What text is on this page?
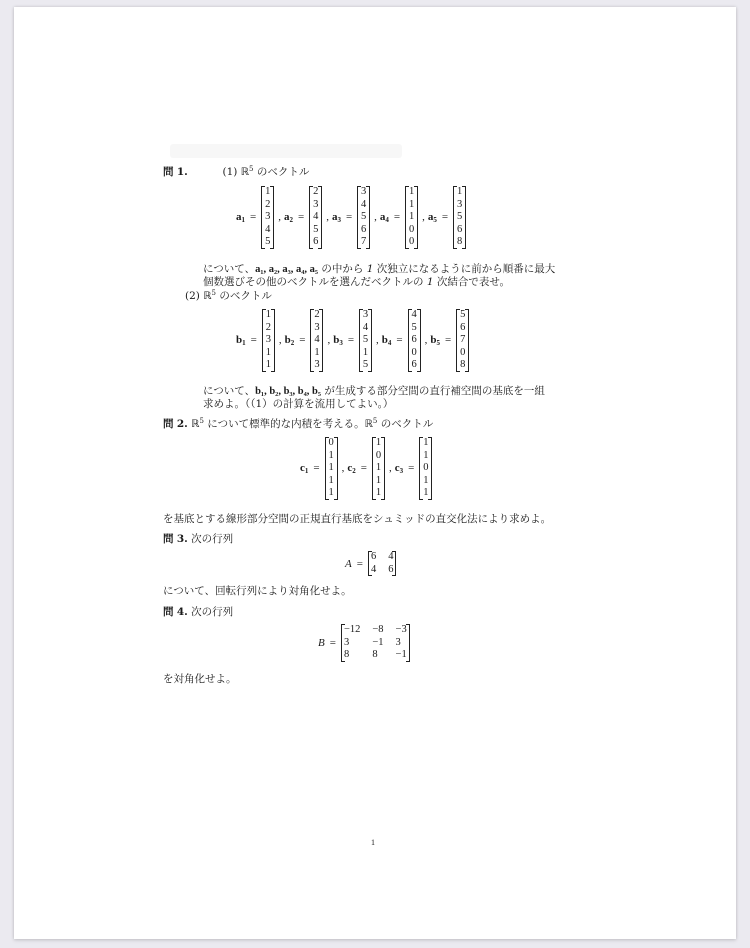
問 1.	(1) ℝ$^5$ のベクトル
$a_1$ =
1
2
3
4
5
, $a_2$ =
2
3
4
5
6
, $a_3$ =
3
4
5
6
7
, $a_4$ =
1
1
1
0
0
, $a_5$ =
1
3
5
6
8
について、a₁, a₂, a₃, a₄, a₅ の中から 1 次独立になるように前から順番に最大
個数選びその他のベクトルを選んだベクトルの 1 次結合で表せ。
(2) ℝ$^5$ のベクトル
$b_1$ =
1
2
3
1
1
, $b_2$ =
2
3
4
1
3
, $b_3$ =
3
4
5
1
5
, $b_4$ =
4
5
6
0
6
, $b_5$ =
5
6
7
0
8
について、b₁, b₂, b₃, b₄, b₅ が生成する部分空間の直行補空間の基底を一組
求めよ。（（1）の計算を流用してよい。）
問 2. ℝ$^5$ について標準的な内積を考える。ℝ$^5$ のベクトル
$c_1$ =
0
1
1
1
1
, $c_2$ =
1
0
1
1
1
, $c_3$ =
1
1
0
1
1
を基底とする線形部分空間の正規直行基底をシュミッドの直交化法により求めよ。
問 3. 次の行列
A =
6 4
4 6
について、回転行列により対角化せよ。
問 4. 次の行列
B =
−12 −8 −3
3	−1 3
8	8	−1
を対角化せよ。
1
